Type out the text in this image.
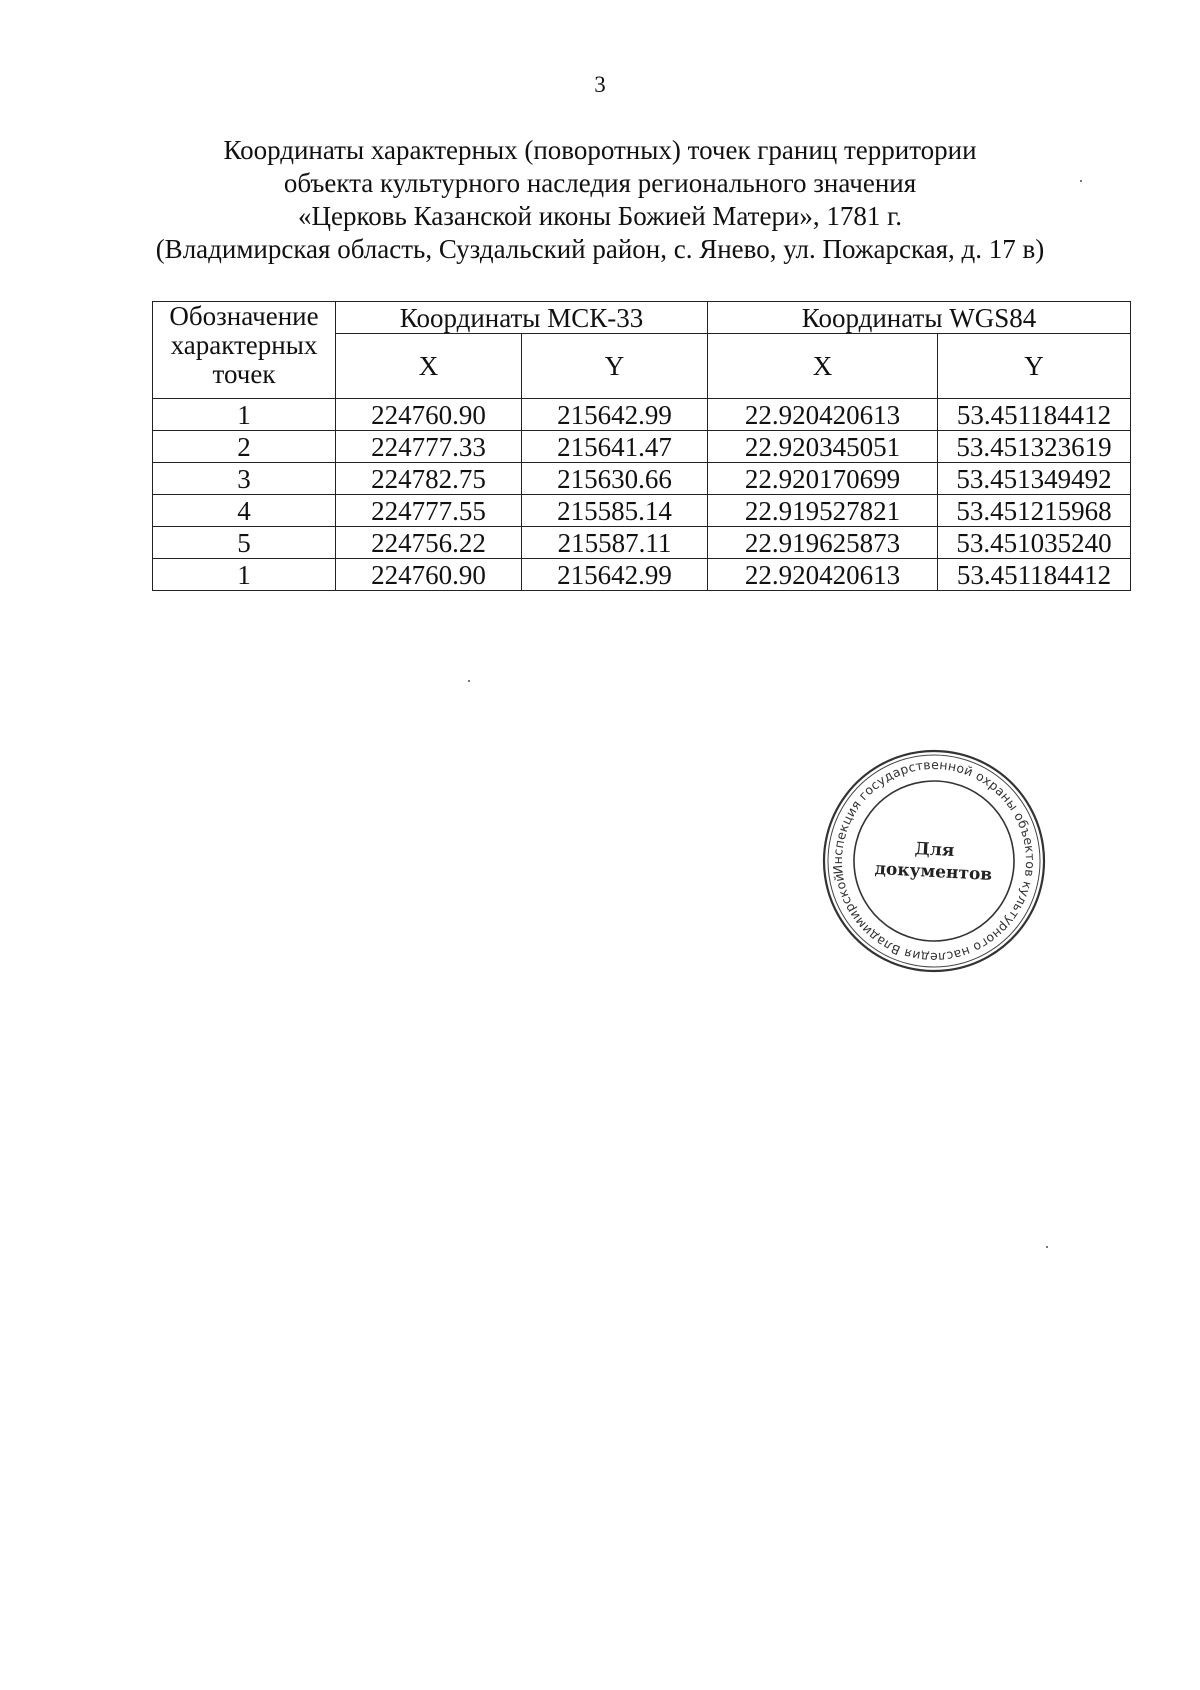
3
Координаты характерных (поворотных) точек границ территории
объекта культурного наследия регионального значения
«Церковь Казанской иконы Божией Матери», 1781 г.
(Владимирская область, Суздальский район, с. Янево, ул. Пожарская, д. 17 в)
Обозначение характерных точек	Координаты МСК-33		Координаты WGS84	
	X	Y	X	Y
1	224760.90	215642.99	22.920420613	53.451184412
2	224777.33	215641.47	22.920345051	53.451323619
3	224782.75	215630.66	22.920170699	53.451349492
4	224777.55	215585.14	22.919527821	53.451215968
5	224756.22	215587.11	22.919625873	53.451035240
1	224760.90	215642.99	22.920420613	53.451184412
Инспекция государственной охраны объектов культурного наследия Владимирской
Для
документов
